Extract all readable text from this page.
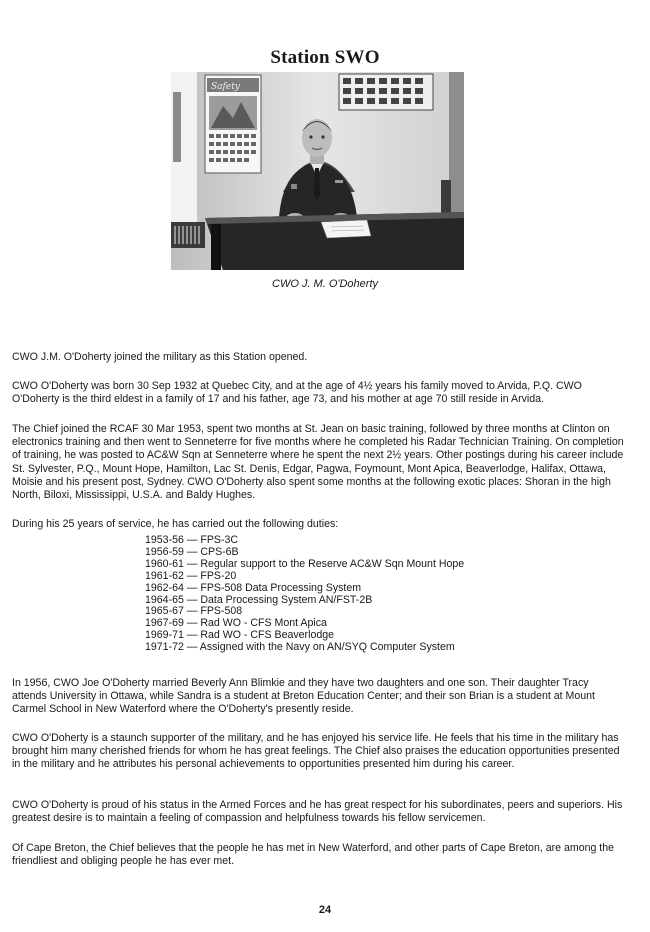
Station SWO
Safety
CWO J. M. O'Doherty

CWO J.M. O'Doherty joined the military as this Station opened.

CWO O'Doherty was born 30 Sep 1932 at Quebec City, and at the age of 4½ years his family moved to Arvida, P.Q. CWO O'Doherty is the third eldest in a family of 17 and his father, age 73, and his mother at age 70 still reside in Arvida.

The Chief joined the RCAF 30 Mar 1953, spent two months at St. Jean on basic training, followed by three months at Clinton on electronics training and then went to Senneterre for five months where he completed his Radar Technician Training. On completion of training, he was posted to AC&W Sqn at Senneterre where he spent the next 2½ years. Other postings during his career include St. Sylvester, P.Q., Mount Hope, Hamilton, Lac St. Denis, Edgar, Pagwa, Foymount, Mont Apica, Beaverlodge, Halifax, Ottawa, Moisie and his present post, Sydney. CWO O'Doherty also spent some months at the following exotic places: Shoran in the high North, Biloxi, Mississippi, U.S.A. and Baldy Hughes.

During his 25 years of service, he has carried out the following duties:

1953-56 — FPS-3C
1956-59 — CPS-6B
1960-61 — Regular support to the Reserve AC&W Sqn Mount Hope
1961-62 — FPS-20
1962-64 — FPS-508 Data Processing System
1964-65 — Data Processing System AN/FST-2B
1965-67 — FPS-508
1967-69 — Rad WO - CFS Mont Apica
1969-71 — Rad WO - CFS Beaverlodge
1971-72 — Assigned with the Navy on AN/SYQ Computer System

In 1956, CWO Joe O'Doherty married Beverly Ann Blimkie and they have two daughters and one son. Their daughter Tracy attends University in Ottawa, while Sandra is a student at Breton Education Center; and their son Brian is a student at Mount Carmel School in New Waterford where the O'Doherty's presently reside.

CWO O'Doherty is a staunch supporter of the military, and he has enjoyed his service life. He feels that his time in the military has brought him many cherished friends for whom he has great feelings. The Chief also praises the education opportunities presented in the military and he attributes his personal achievements to opportunities presented him during his career.

CWO O'Doherty is proud of his status in the Armed Forces and he has great respect for his subordinates, peers and superiors. His greatest desire is to maintain a feeling of compassion and helpfulness towards his fellow servicemen.

Of Cape Breton, the Chief believes that the people he has met in New Waterford, and other parts of Cape Breton, are among the friendliest and obliging people he has ever met.

24
